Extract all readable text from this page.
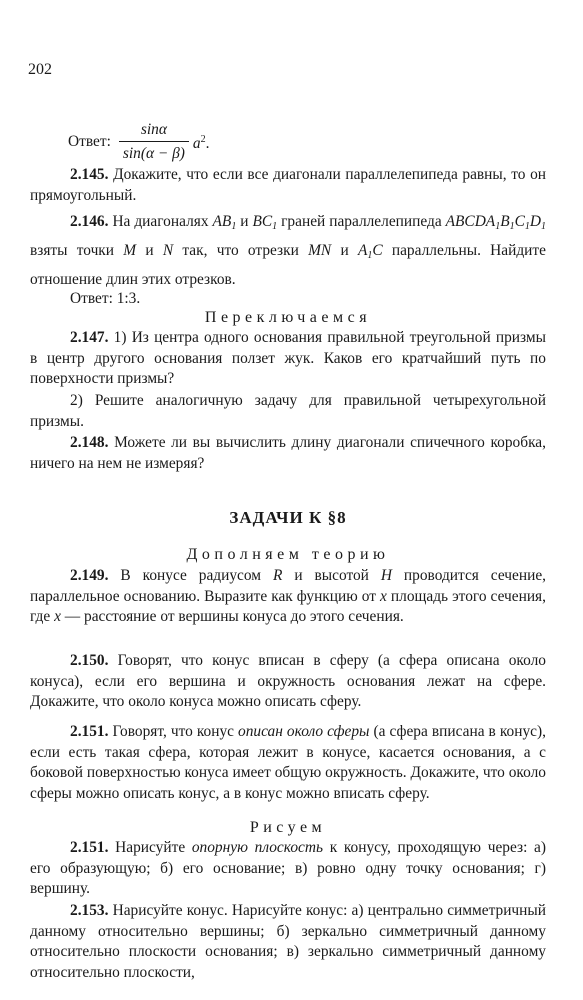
202
Ответ: $\frac{\sin\alpha}{\sin(\alpha - \beta)} a^2$.
2.145. Докажите, что если все диагонали параллелепипеда равны, то он прямоугольный.
2.146. На диагоналях $AB_1$ и $BC_1$ граней параллелепипеда $ABCDA_1B_1C_1D_1$ взяты точки M и N так, что отрезки MN и $A_1C$ параллельны. Найдите отношение длин этих отрезков.
Ответ: 1:3.
Переключаемся
2.147. 1) Из центра одного основания правильной треугольной призмы в центр другого основания ползет жук. Каков его кратчайший путь по поверхности призмы?
2) Решите аналогичную задачу для правильной четырехугольной призмы.
2.148. Можете ли вы вычислить длину диагонали спичечного коробка, ничего на нем не измеряя?
ЗАДАЧИ К §8
Дополняем теорию
2.149. В конусе радиусом R и высотой H проводится сечение, параллельное основанию. Выразите как функцию от x площадь этого сечения, где x — расстояние от вершины конуса до этого сечения.
2.150. Говорят, что конус вписан в сферу (а сфера описана около конуса), если его вершина и окружность основания лежат на сфере. Докажите, что около конуса можно описать сферу.
2.151. Говорят, что конус описан около сферы (а сфера вписана в конус), если есть такая сфера, которая лежит в конусе, касается основания, а с боковой поверхностью конуса имеет общую окружность. Докажите, что около сферы можно описать конус, а в конус можно вписать сферу.
Рисуем
2.151. Нарисуйте опорную плоскость к конусу, проходящую через: а) его образующую; б) его основание; в) ровно одну точку основания; г) вершину.
2.153. Нарисуйте конус. Нарисуйте конус: а) центрально симметричный данному относительно вершины; б) зеркально симметричный данному относительно плоскости основания; в) зеркально симметричный данному относительно плоскости,
